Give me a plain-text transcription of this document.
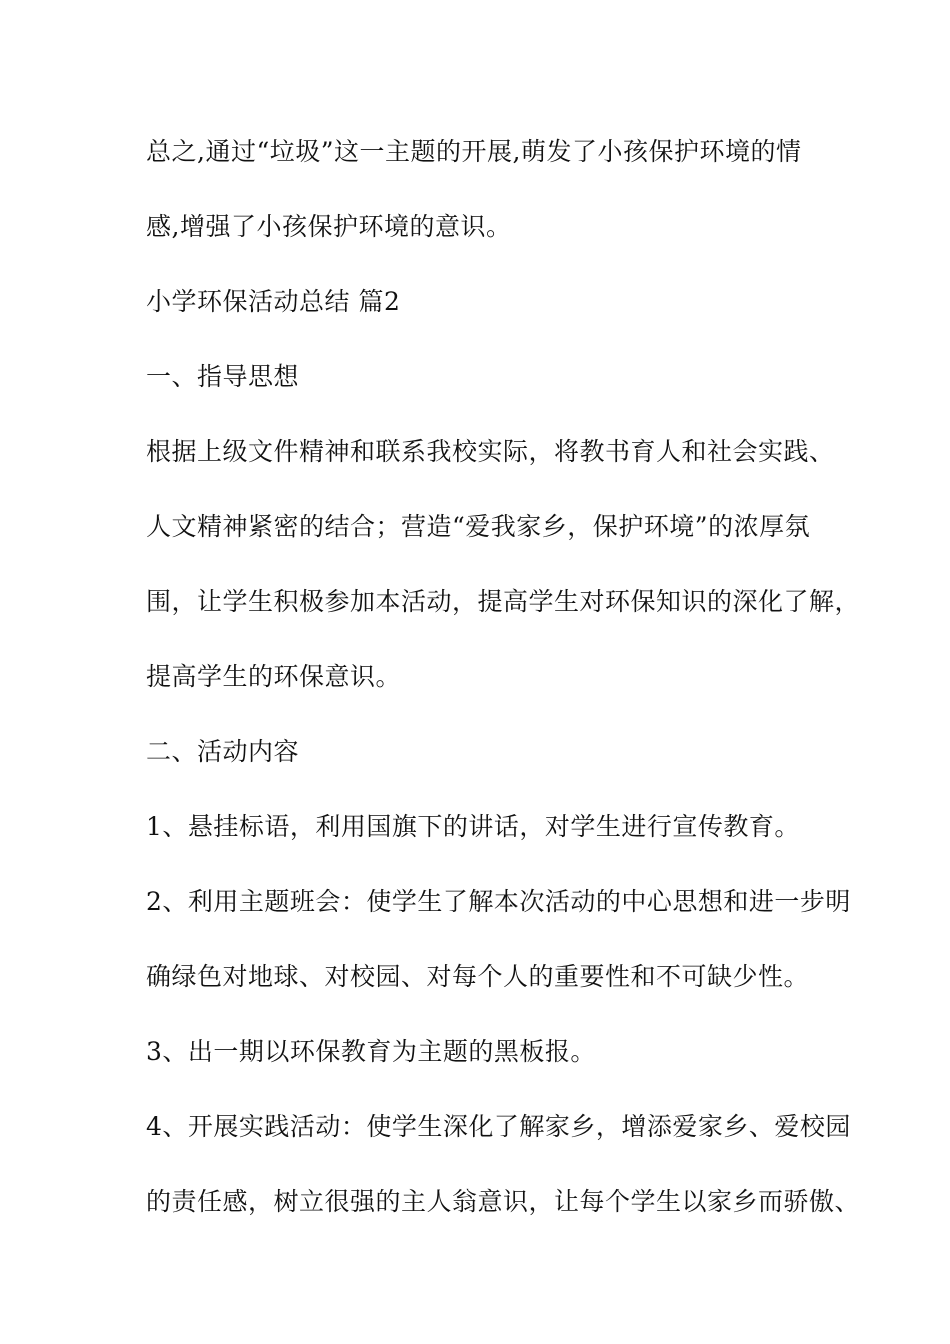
总之,通过“垃圾”这一主题的开展,萌发了小孩保护环境的情
感,增强了小孩保护环境的意识。
小学环保活动总结 篇2
一、指导思想
根据上级文件精神和联系我校实际，将教书育人和社会实践、
人文精神紧密的结合；营造“爱我家乡，保护环境”的浓厚氛
围，让学生积极参加本活动，提高学生对环保知识的深化了解，
提高学生的环保意识。
二、活动内容
1、悬挂标语，利用国旗下的讲话，对学生进行宣传教育。
2、利用主题班会：使学生了解本次活动的中心思想和进一步明
确绿色对地球、对校园、对每个人的重要性和不可缺少性。
3、出一期以环保教育为主题的黑板报。
4、开展实践活动：使学生深化了解家乡，增添爱家乡、爱校园
的责任感，树立很强的主人翁意识，让每个学生以家乡而骄傲、
